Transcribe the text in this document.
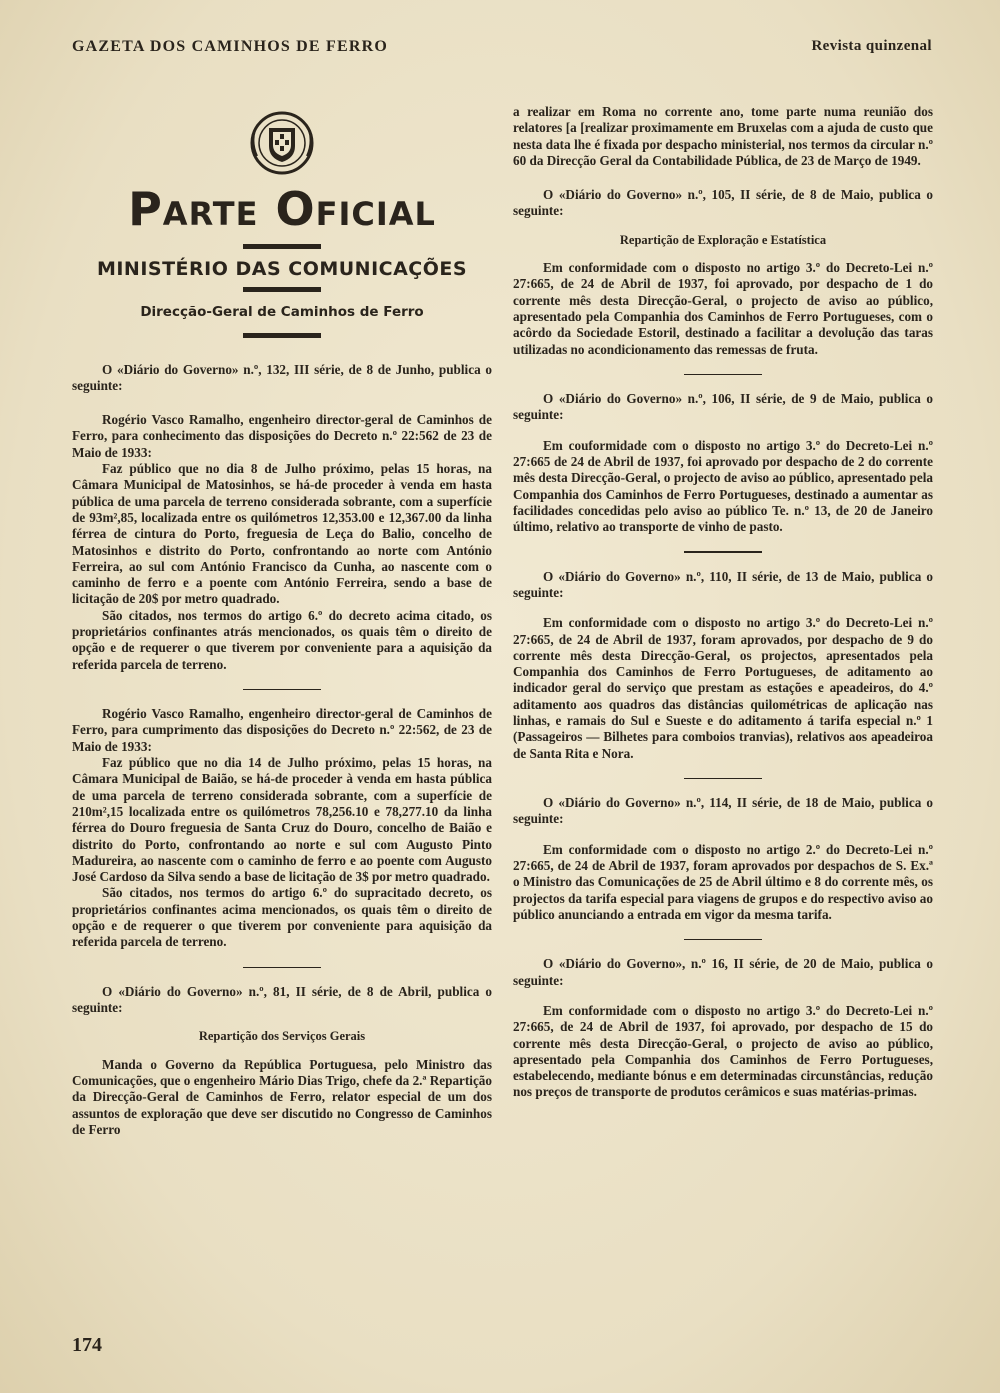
GAZETA DOS CAMINHOS DE FERRO	Revista quinzenal
Parte Oficial
MINISTÉRIO DAS COMUNICAÇÕES
Direcção-Geral de Caminhos de Ferro

O «Diário do Governo» n.º, 132, III série, de 8 de Junho, publica o seguinte:

Rogério Vasco Ramalho, engenheiro director-geral de Caminhos de Ferro, para conhecimento das disposições do Decreto n.º 22:562 de 23 de Maio de 1933:

Faz público que no dia 8 de Julho próximo, pelas 15 horas, na Câmara Municipal de Matosinhos, se há-de proceder à venda em hasta pública de uma parcela de terreno considerada sobrante, com a superfície de 93m²,85, localizada entre os quilómetros 12,353.00 e 12,367.00 da linha férrea de cintura do Porto, freguesia de Leça do Balio, concelho de Matosinhos e distrito do Porto, confrontando ao norte com António Ferreira, ao sul com António Francisco da Cunha, ao nascente com o caminho de ferro e a poente com António Ferreira, sendo a base de licitação de 20$ por metro quadrado.

São citados, nos termos do artigo 6.º do decreto acima citado, os proprietários confinantes atrás mencionados, os quais têm o direito de opção e de requerer o que tiverem por conveniente para a aquisição da referida parcela de terreno.

Rogério Vasco Ramalho, engenheiro director-geral de Caminhos de Ferro, para cumprimento das disposições do Decreto n.º 22:562, de 23 de Maio de 1933:

Faz público que no dia 14 de Julho próximo, pelas 15 horas, na Câmara Municipal de Baião, se há-de proceder à venda em hasta pública de uma parcela de terreno considerada sobrante, com a superfície de 210m²,15 localizada entre os quilómetros 78,256.10 e 78,277.10 da linha férrea do Douro freguesia de Santa Cruz do Douro, concelho de Baião e distrito do Porto, confrontando ao norte e sul com Augusto Pinto Madureira, ao nascente com o caminho de ferro e ao poente com Augusto José Cardoso da Silva sendo a base de licitação de 3$ por metro quadrado.

São citados, nos termos do artigo 6.º do supracitado decreto, os proprietários confinantes acima mencionados, os quais têm o direito de opção e de requerer o que tiverem por conveniente para aquisição da referida parcela de terreno.

O «Diário do Governo» n.º, 81, II série, de 8 de Abril, publica o seguinte:

Repartição dos Serviços Gerais

Manda o Governo da República Portuguesa, pelo Ministro das Comunicações, que o engenheiro Mário Dias Trigo, chefe da 2.ª Repartição da Direcção-Geral de Caminhos de Ferro, relator especial de um dos assuntos de exploração que deve ser discutido no Congresso de Caminhos de Ferro

a realizar em Roma no corrente ano, tome parte numa reunião dos relatores [a [realizar proximamente em Bruxelas com a ajuda de custo que nesta data lhe é fixada por despacho ministerial, nos termos da circular n.º 60 da Direcção Geral da Contabilidade Pública, de 23 de Março de 1949.

O «Diário do Governo» n.º, 105, II série, de 8 de Maio, publica o seguinte:

Repartição de Exploração e Estatística

Em conformidade com o disposto no artigo 3.º do Decreto-Lei n.º 27:665, de 24 de Abril de 1937, foi aprovado, por despacho de 1 do corrente mês desta Direcção-Geral, o projecto de aviso ao público, apresentado pela Companhia dos Caminhos de Ferro Portugueses, com o acôrdo da Sociedade Estoril, destinado a facilitar a devolução das taras utilizadas no acondicionamento das remessas de fruta.

O «Diário do Governo» n.º, 106, II série, de 9 de Maio, publica o seguinte:

Em couformidade com o disposto no artigo 3.º do Decreto-Lei n.º 27:665 de 24 de Abril de 1937, foi aprovado por despacho de 2 do corrente mês desta Direcção-Geral, o projecto de aviso ao público, apresentado pela Companhia dos Caminhos de Ferro Portugueses, destinado a aumentar as facilidades concedidas pelo aviso ao público Te. n.º 13, de 20 de Janeiro último, relativo ao transporte de vinho de pasto.

O «Diário do Governo» n.º, 110, II série, de 13 de Maio, publica o seguinte:

Em conformidade com o disposto no artigo 3.º do Decreto-Lei n.º 27:665, de 24 de Abril de 1937, foram aprovados, por despacho de 9 do corrente mês desta Direcção-Geral, os projectos, apresentados pela Companhia dos Caminhos de Ferro Portugueses, de aditamento ao indicador geral do serviço que prestam as estações e apeadeiros, do 4.º aditamento aos quadros das distâncias quilométricas de aplicação nas linhas, e ramais do Sul e Sueste e do aditamento á tarifa especial n.º 1 (Passageiros — Bilhetes para comboios tranvias), relativos aos apeadeiroa de Santa Rita e Nora.

O «Diário do Governo» n.º, 114, II série, de 18 de Maio, publica o seguinte:

Em conformidade com o disposto no artigo 2.º do Decreto-Lei n.º 27:665, de 24 de Abril de 1937, foram aprovados por despachos de S. Ex.ª o Ministro das Comunicações de 25 de Abril último e 8 do corrente mês, os projectos da tarifa especial para viagens de grupos e do respectivo aviso ao público anunciando a entrada em vigor da mesma tarifa.

O «Diário do Governo», n.º 16, II série, de 20 de Maio, publica o seguinte:

Em conformidade com o disposto no artigo 3.º do Decreto-Lei n.º 27:665, de 24 de Abril de 1937, foi aprovado, por despacho de 15 do corrente mês desta Direcção-Geral, o projecto de aviso ao público, apresentado pela Companhia dos Caminhos de Ferro Portugueses, estabelecendo, mediante bónus e em determinadas circunstâncias, redução nos preços de transporte de produtos cerâmicos e suas matérias-primas.

174
